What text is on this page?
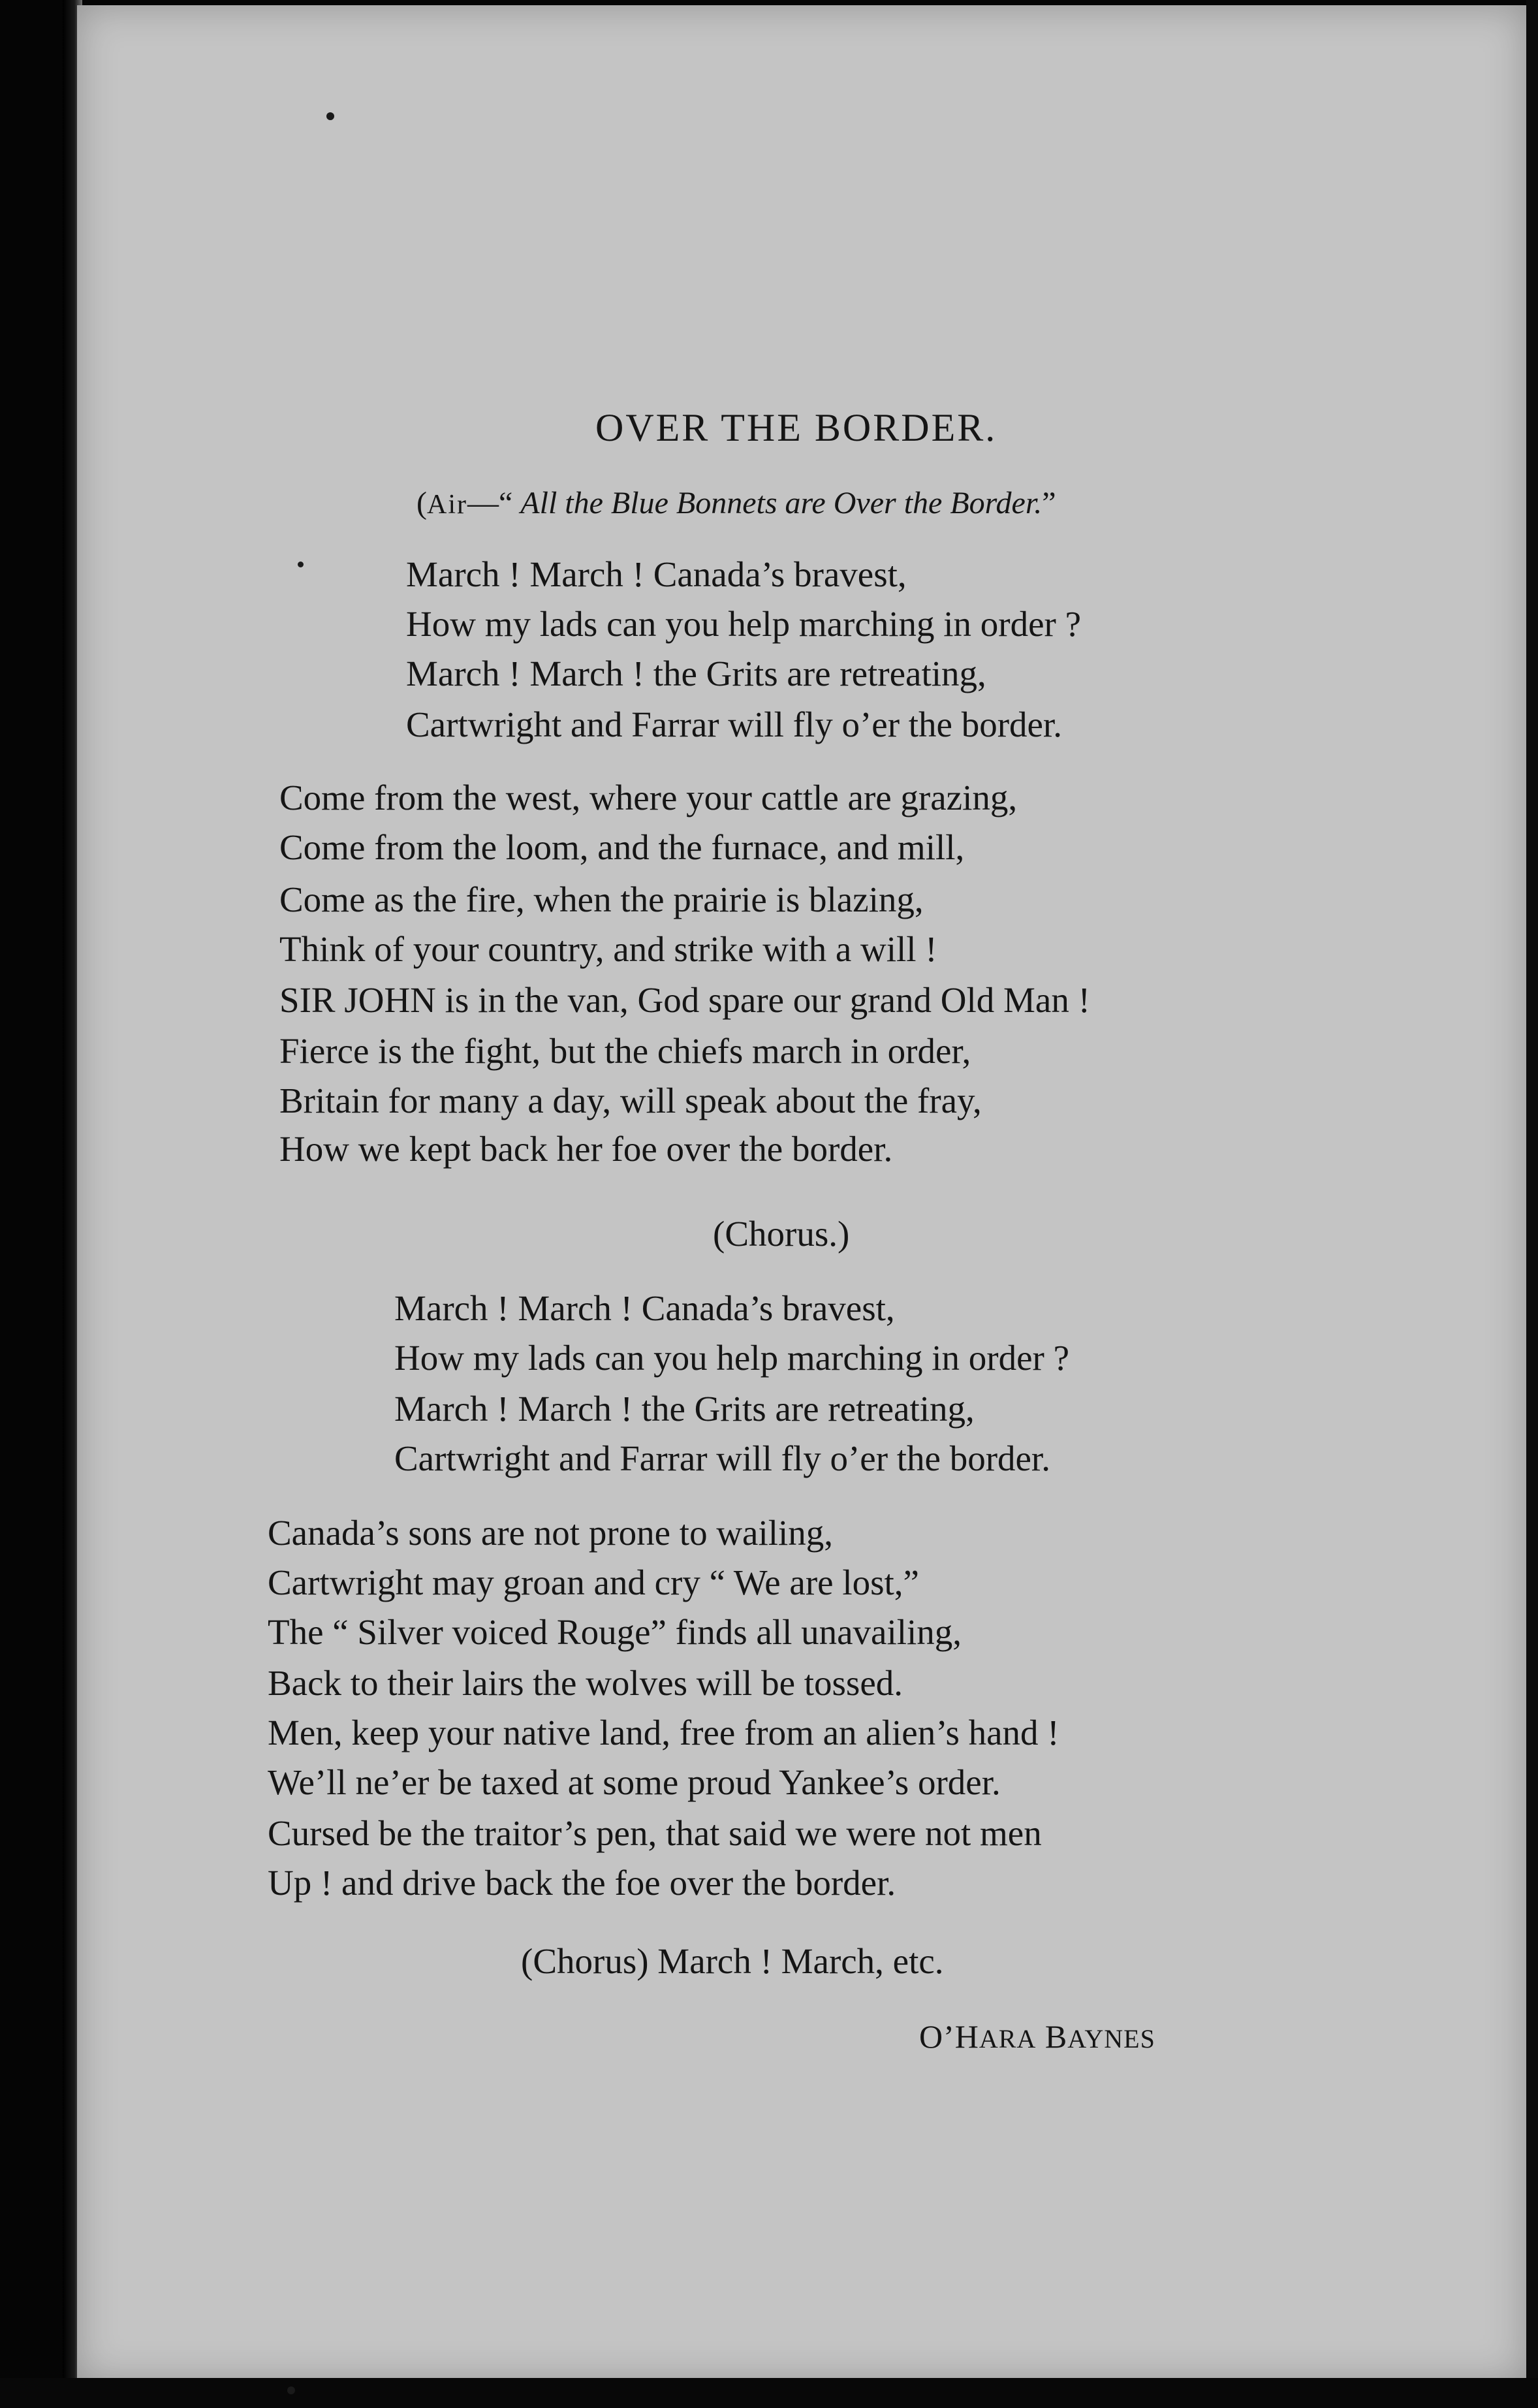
OVER THE BORDER.
(Air—“ All the Blue Bonnets are Over the Border.”
March ! March ! Canada’s bravest,
How my lads can you help marching in order ?
March ! March ! the Grits are retreating,
Cartwright and Farrar will fly o’er the border.
Come from the west, where your cattle are grazing,
Come from the loom, and the furnace, and mill,
Come as the fire, when the prairie is blazing,
Think of your country, and strike with a will !
SIR JOHN is in the van, God spare our grand Old Man !
Fierce is the fight, but the chiefs march in order,
Britain for many a day, will speak about the fray,
How we kept back her foe over the border.
(Chorus.)
March ! March ! Canada’s bravest,
How my lads can you help marching in order ?
March ! March ! the Grits are retreating,
Cartwright and Farrar will fly o’er the border.
Canada’s sons are not prone to wailing,
Cartwright may groan and cry “ We are lost,”
The “ Silver voiced Rouge” finds all unavailing,
Back to their lairs the wolves will be tossed.
Men, keep your native land, free from an alien’s hand !
We’ll ne’er be taxed at some proud Yankee’s order.
Cursed be the traitor’s pen, that said we were not men
Up ! and drive back the foe over the border.
(Chorus) March ! March, etc.
O’HARA BAYNES
